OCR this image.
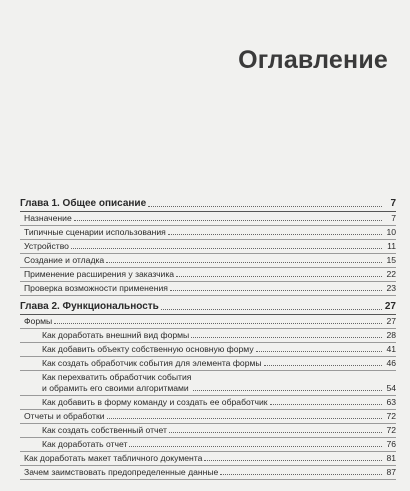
Оглавление
Глава 1. Общее описание	7
Назначение	7
Типичные сценарии использования	10
Устройство	11
Создание и отладка	15
Применение расширения у заказчика	22
Проверка возможности применения	23
Глава 2. Функциональность	27
Формы	27
Как доработать внешний вид формы	28
Как добавить объекту собственную основную форму	41
Как создать обработчик события для элемента формы	46
Как перехватить обработчик события
и обрамить его своими алгоритмами	54
Как добавить в форму команду и создать ее обработчик	63
Отчеты и обработки	72
Как создать собственный отчет	72
Как доработать отчет	76
Как доработать макет табличного документа	81
Зачем заимствовать предопределенные данные	87
